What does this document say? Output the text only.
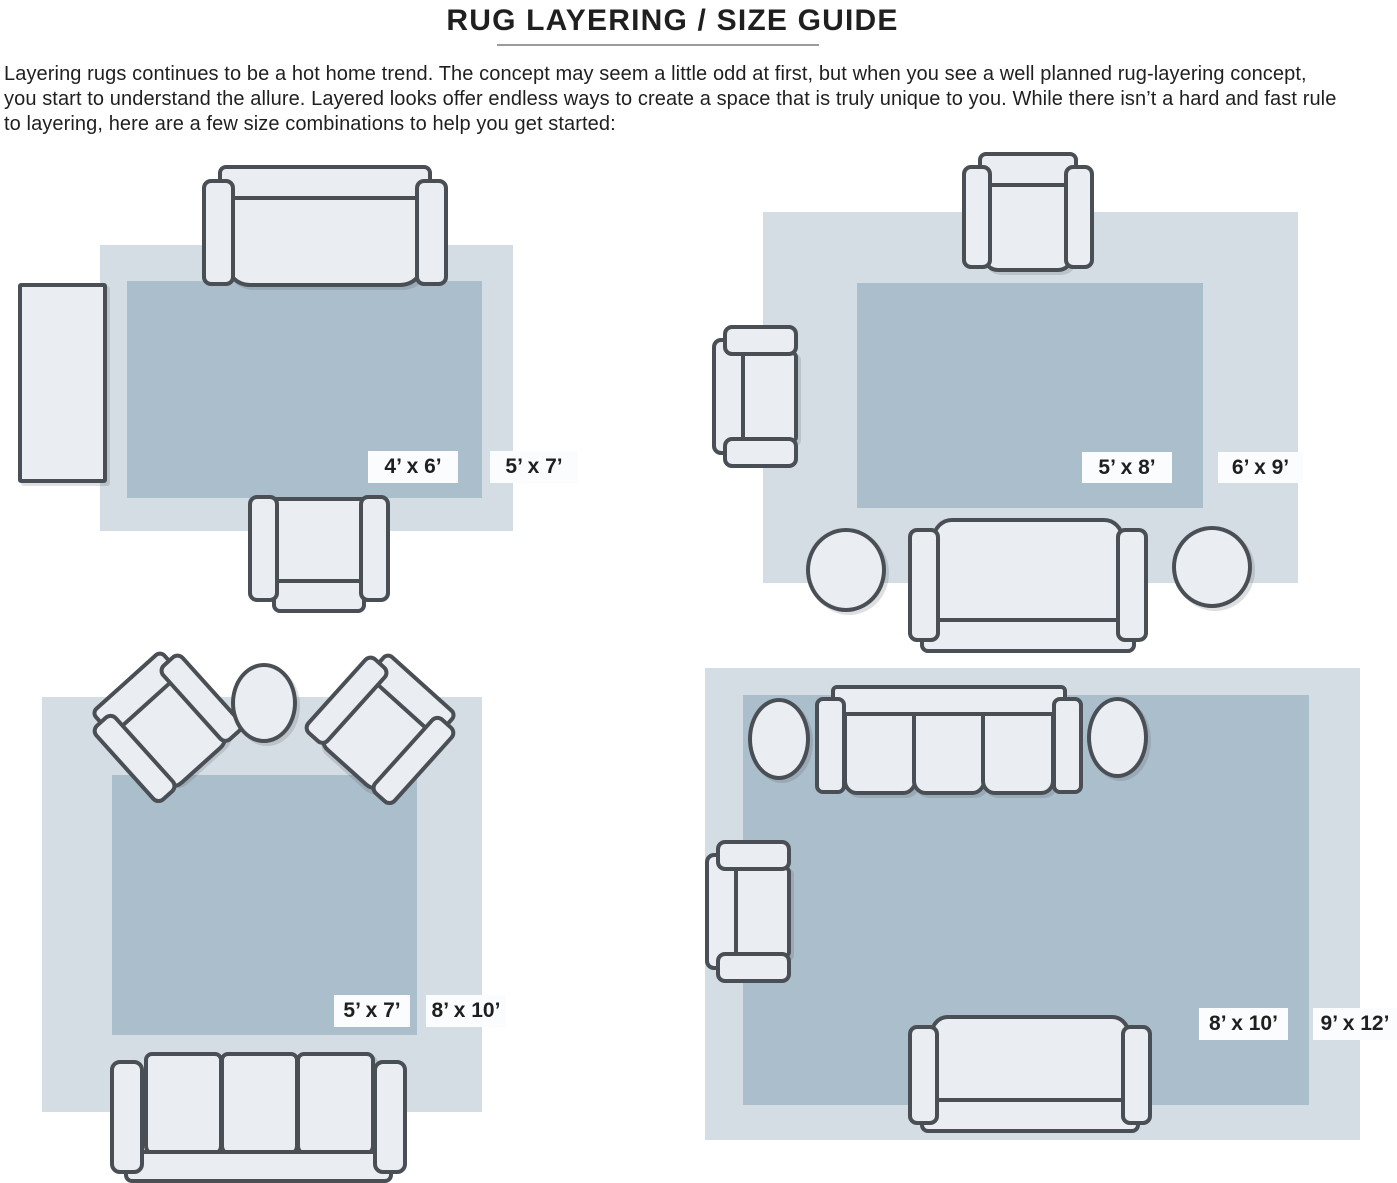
RUG LAYERING / SIZE GUIDE
Layering rugs continues to be a hot home trend. The concept may seem a little odd at first, but when you see a well planned rug-layering concept,
you start to understand the allure. Layered looks offer endless ways to create a space that is truly unique to you. While there isn’t a hard and fast rule
to layering, here are a few size combinations to help you get started:
4’ x 6’	5’ x 7’	5’ x 8’	6’ x 9’
5’ x 7’ 8’ x 10’
8’ x 10’ 9’ x 12’
